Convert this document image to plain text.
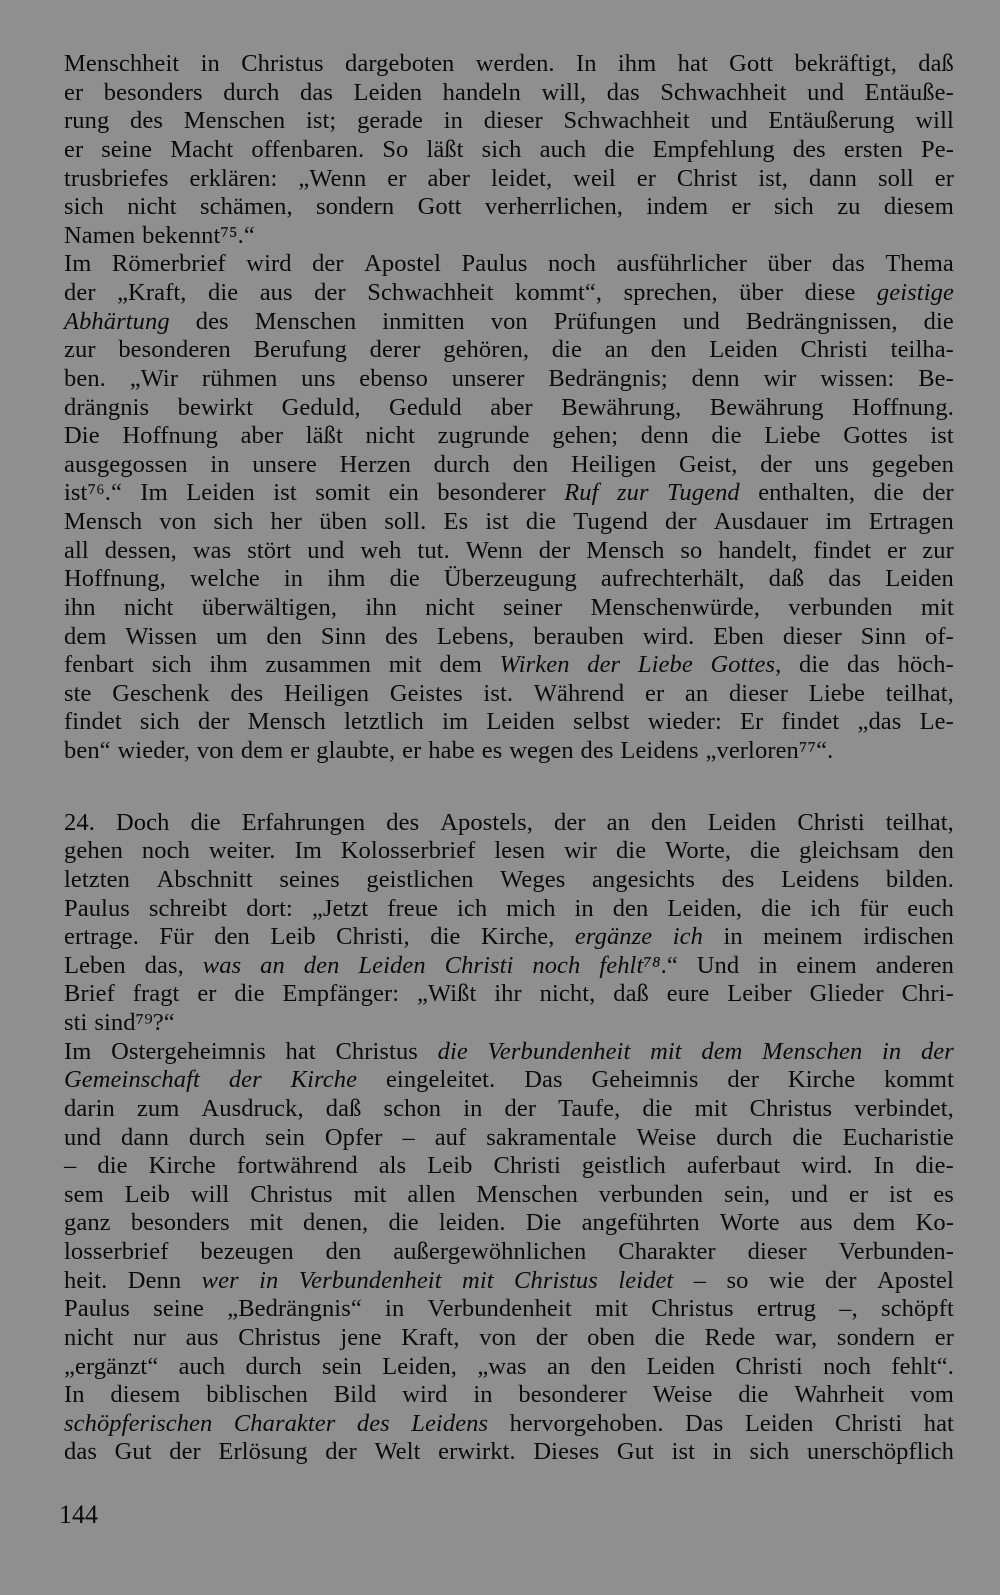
Menschheit in Christus dargeboten werden. In ihm hat Gott bekräftigt, daß
er besonders durch das Leiden handeln will, das Schwachheit und Entäuße-
rung des Menschen ist; gerade in dieser Schwachheit und Entäußerung will
er seine Macht offenbaren. So läßt sich auch die Empfehlung des ersten Pe-
trusbriefes erklären: „Wenn er aber leidet, weil er Christ ist, dann soll er
sich nicht schämen, sondern Gott verherrlichen, indem er sich zu diesem
Namen bekennt⁷⁵.“
Im Römerbrief wird der Apostel Paulus noch ausführlicher über das Thema
der „Kraft, die aus der Schwachheit kommt“, sprechen, über diese geistige
Abhärtung des Menschen inmitten von Prüfungen und Bedrängnissen, die
zur besonderen Berufung derer gehören, die an den Leiden Christi teilha-
ben. „Wir rühmen uns ebenso unserer Bedrängnis; denn wir wissen: Be-
drängnis bewirkt Geduld, Geduld aber Bewährung, Bewährung Hoffnung.
Die Hoffnung aber läßt nicht zugrunde gehen; denn die Liebe Gottes ist
ausgegossen in unsere Herzen durch den Heiligen Geist, der uns gegeben
ist⁷⁶.“ Im Leiden ist somit ein besonderer Ruf zur Tugend enthalten, die der
Mensch von sich her üben soll. Es ist die Tugend der Ausdauer im Ertragen
all dessen, was stört und weh tut. Wenn der Mensch so handelt, findet er zur
Hoffnung, welche in ihm die Überzeugung aufrechterhält, daß das Leiden
ihn nicht überwältigen, ihn nicht seiner Menschenwürde, verbunden mit
dem Wissen um den Sinn des Lebens, berauben wird. Eben dieser Sinn of-
fenbart sich ihm zusammen mit dem Wirken der Liebe Gottes, die das höch-
ste Geschenk des Heiligen Geistes ist. Während er an dieser Liebe teilhat,
findet sich der Mensch letztlich im Leiden selbst wieder: Er findet „das Le-
ben“ wieder, von dem er glaubte, er habe es wegen des Leidens „verloren⁷⁷“.
24. Doch die Erfahrungen des Apostels, der an den Leiden Christi teilhat,
gehen noch weiter. Im Kolosserbrief lesen wir die Worte, die gleichsam den
letzten Abschnitt seines geistlichen Weges angesichts des Leidens bilden.
Paulus schreibt dort: „Jetzt freue ich mich in den Leiden, die ich für euch
ertrage. Für den Leib Christi, die Kirche, ergänze ich in meinem irdischen
Leben das, was an den Leiden Christi noch fehlt⁷⁸.“ Und in einem anderen
Brief fragt er die Empfänger: „Wißt ihr nicht, daß eure Leiber Glieder Chri-
sti sind⁷⁹?“
Im Ostergeheimnis hat Christus die Verbundenheit mit dem Menschen in der
Gemeinschaft der Kirche eingeleitet. Das Geheimnis der Kirche kommt
darin zum Ausdruck, daß schon in der Taufe, die mit Christus verbindet,
und dann durch sein Opfer – auf sakramentale Weise durch die Eucharistie
– die Kirche fortwährend als Leib Christi geistlich auferbaut wird. In die-
sem Leib will Christus mit allen Menschen verbunden sein, und er ist es
ganz besonders mit denen, die leiden. Die angeführten Worte aus dem Ko-
losserbrief bezeugen den außergewöhnlichen Charakter dieser Verbunden-
heit. Denn wer in Verbundenheit mit Christus leidet – so wie der Apostel
Paulus seine „Bedrängnis“ in Verbundenheit mit Christus ertrug –, schöpft
nicht nur aus Christus jene Kraft, von der oben die Rede war, sondern er
„ergänzt“ auch durch sein Leiden, „was an den Leiden Christi noch fehlt“.
In diesem biblischen Bild wird in besonderer Weise die Wahrheit vom
schöpferischen Charakter des Leidens hervorgehoben. Das Leiden Christi hat
das Gut der Erlösung der Welt erwirkt. Dieses Gut ist in sich unerschöpflich
144
